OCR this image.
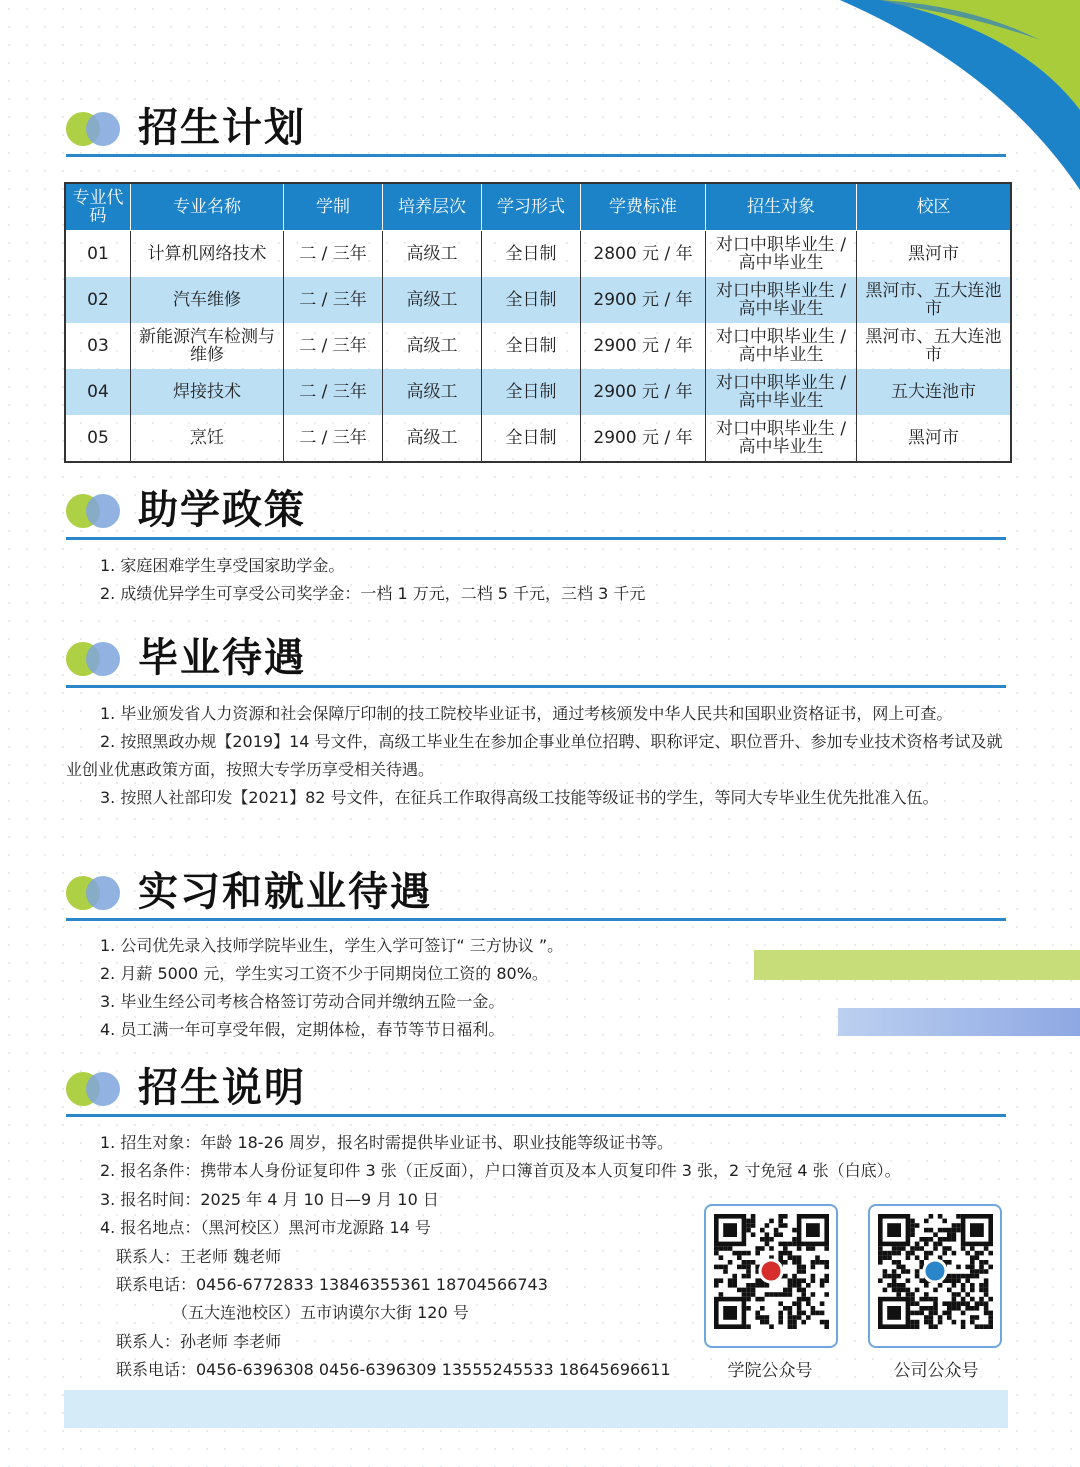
招生计划
专业代码	专业名称	学制	培养层次	学习形式	学费标准	招生对象	校区
01	计算机网络技术	二 / 三年	高级工	全日制	2800 元 / 年	对口中职毕业生 / 高中毕业生	黑河市
02	汽车维修	二 / 三年	高级工	全日制	2900 元 / 年	对口中职毕业生 / 高中毕业生	黑河市、五大连池市
03	新能源汽车检测与维修	二 / 三年	高级工	全日制	2900 元 / 年	对口中职毕业生 / 高中毕业生	黑河市、五大连池市
04	焊接技术	二 / 三年	高级工	全日制	2900 元 / 年	对口中职毕业生 / 高中毕业生	五大连池市
05	烹饪	二 / 三年	高级工	全日制	2900 元 / 年	对口中职毕业生 / 高中毕业生	黑河市
助学政策
1. 家庭困难学生享受国家助学金。
2. 成绩优异学生可享受公司奖学金：一档 1 万元，二档 5 千元，三档 3 千元
毕业待遇

1. 毕业颁发省人力资源和社会保障厅印制的技工院校毕业证书，通过考核颁发中华人民共和国职业资格证书，网上可查。

2. 按照黑政办规【2019】14 号文件，高级工毕业生在参加企事业单位招聘、职称评定、职位晋升、参加专业技术资格考试及就业创业优惠政策方面，按照大专学历享受相关待遇。

3. 按照人社部印发【2021】82 号文件，在征兵工作取得高级工技能等级证书的学生，等同大专毕业生优先批准入伍。

实习和就业待遇
1. 公司优先录入技师学院毕业生，学生入学可签订“ 三方协议 ”。
2. 月薪 5000 元，学生实习工资不少于同期岗位工资的 80%。
3. 毕业生经公司考核合格签订劳动合同并缴纳五险一金。
4. 员工满一年可享受年假，定期体检，春节等节日福利。
招生说明
1. 招生对象：年龄 18-26 周岁，报名时需提供毕业证书、职业技能等级证书等。
2. 报名条件：携带本人身份证复印件 3 张（正反面），户口簿首页及本人页复印件 3 张，2 寸免冠 4 张（白底）。
3. 报名时间：2025 年 4 月 10 日—9 月 10 日
4. 报名地点：（黑河校区）黑河市龙源路 14 号
　联系人：王老师 魏老师
　联系电话：0456-6772833 13846355361 18704566743
　　　　　（五大连池校区）五市讷谟尔大街 120 号
　联系人：孙老师 李老师
　联系电话：0456-6396308 0456-6396309 13555245533 18645696611	学院公众号	公司公众号
